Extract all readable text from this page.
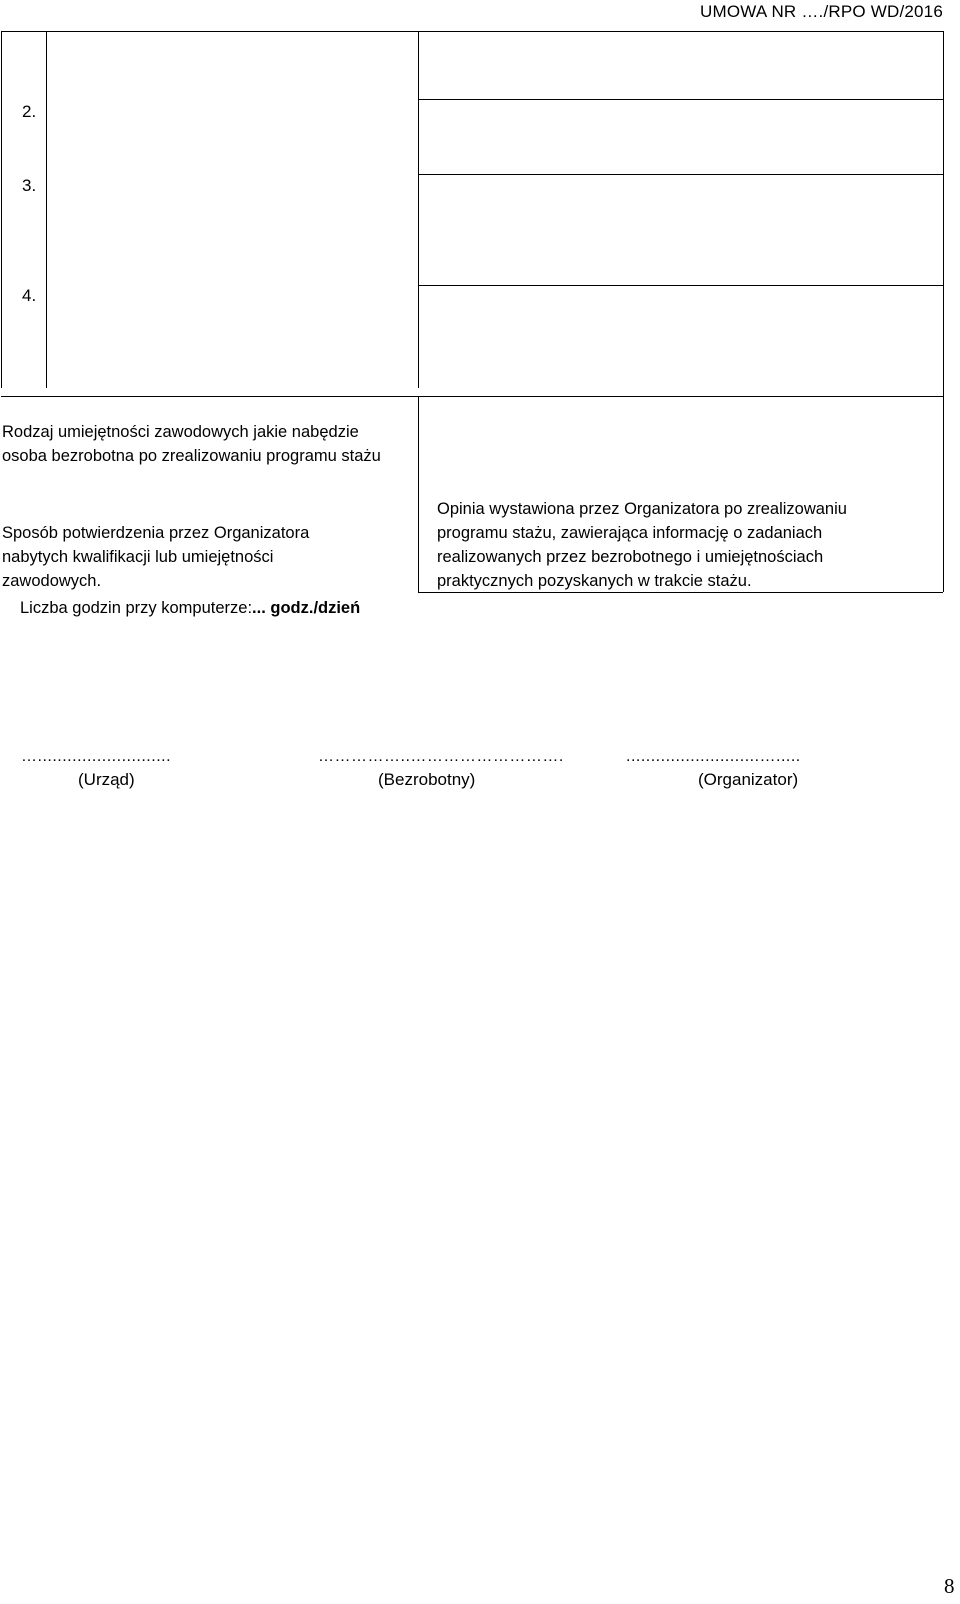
UMOWA NR …./RPO WD/2016
2.
3.
4.
Rodzaj umiejętności zawodowych jakie nabędzie osoba bezrobotna po zrealizowaniu programu stażu
Sposób potwierdzenia przez Organizatora nabytych kwalifikacji lub umiejętności zawodowych.
Opinia wystawiona przez Organizatora po zrealizowaniu programu stażu, zawierająca informację o zadaniach realizowanych przez bezrobotnego i umiejętnościach praktycznych pozyskanych w trakcie stażu.
Liczba godzin przy komputerze:... godz./dzień
…...........................
(Urząd)
……………..……………………….
(Bezrobotny)
...........................….....
(Organizator)
8
